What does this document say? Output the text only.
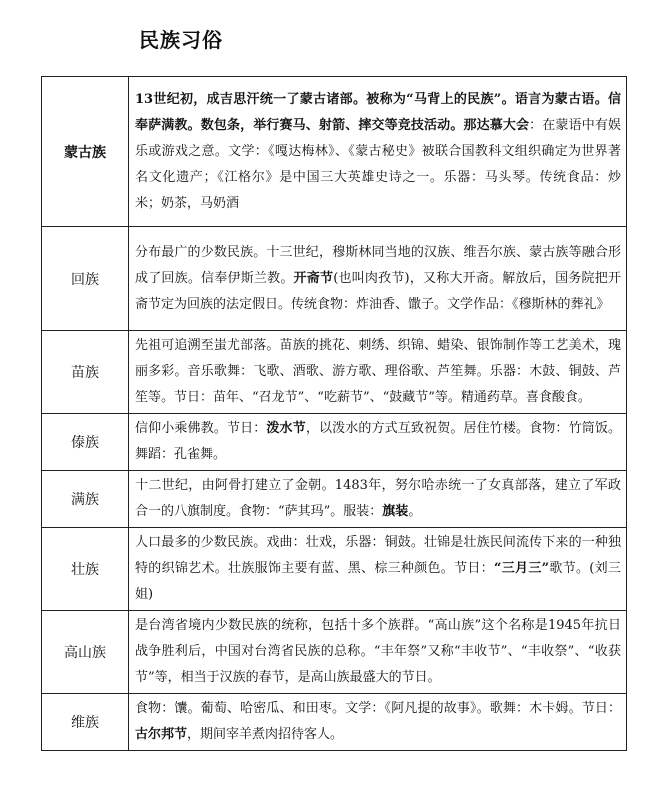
民族习俗
蒙古族	13世纪初，成吉思汗统一了蒙古诸部。被称为“马背上的民族”。语言为蒙古语。信奉萨满教。数包条，举行赛马、射箭、摔交等竞技活动。那达慕大会：在蒙语中有娱乐或游戏之意。文学：《嘎达梅林》、《蒙古秘史》被联合国教科文组织确定为世界著名文化遗产；《江格尔》是中国三大英雄史诗之一。乐器：马头琴。传统食品：炒米；奶茶，马奶酒
回族	分布最广的少数民族。十三世纪，穆斯林同当地的汉族、维吾尔族、蒙古族等融合形成了回族。信奉伊斯兰教。开斋节(也叫肉孜节)，又称大开斋。解放后，国务院把开斋节定为回族的法定假日。传统食物：炸油香、馓子。文学作品：《穆斯林的葬礼》
苗族	先祖可追溯至蚩尤部落。苗族的挑花、刺绣、织锦、蜡染、银饰制作等工艺美术，瑰丽多彩。音乐歌舞：飞歌、酒歌、游方歌、理俗歌、芦笙舞。乐器：木鼓、铜鼓、芦笙等。节日：苗年、“召龙节”、“吃薪节”、“鼓藏节”等。精通药草。喜食酸食。
傣族	信仰小乘佛教。节日：泼水节，以泼水的方式互致祝贺。居住竹楼。食物：竹筒饭。舞蹈：孔雀舞。
满族	十二世纪，由阿骨打建立了金朝。1483年，努尔哈赤统一了女真部落，建立了军政合一的八旗制度。食物：“萨其玛”。服装：旗装。
壮族	人口最多的少数民族。戏曲：壮戏，乐器：铜鼓。壮锦是壮族民间流传下来的一种独特的织锦艺术。壮族服饰主要有蓝、黑、棕三种颜色。节日：“三月三”歌节。(刘三姐)
高山族	是台湾省境内少数民族的统称，包括十多个族群。“高山族”这个名称是1945年抗日战争胜利后，中国对台湾省民族的总称。“丰年祭”又称“丰收节”、“丰收祭”、“收获节”等，相当于汉族的春节，是高山族最盛大的节日。
维族	食物：馕。葡萄、哈密瓜、和田枣。文学：《阿凡提的故事》。歌舞：木卡姆。节日：古尔邦节，期间宰羊煮肉招待客人。
